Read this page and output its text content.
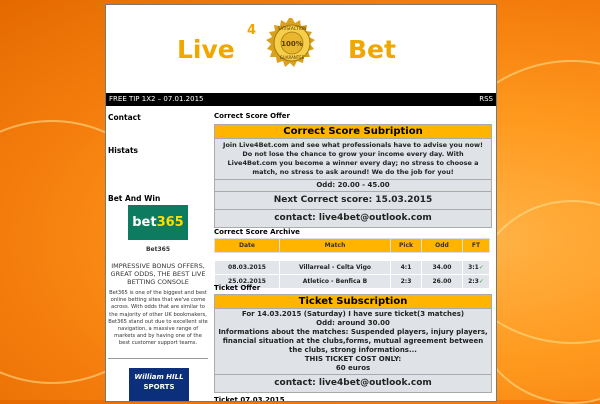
Live
4
100%
SATISFACTION
GUARANTEE Bet
FREE TIP 1X2 – 07.01.2015	RSS
Contact
Histats
Bet And Win
bet365
Bet365
IMPRESSIVE BONUS OFFERS, GREAT ODDS, THE BEST LIVE BETTING CONSOLE
Bet365 is one of the biggest and best online betting sites that we've come across. With odds that are similar to the majority of other UK bookmakers, Bet365 stand out due to excellent site navigation, a massive range of markets and by having one of the best customer support teams.
William HILL
SPORTS
Correct Score Offer
Correct Score Subription
Join Live4Bet.com and see what professionals have to advise you now! Do not lose the chance to grow your income every day. With Live4Bet.com you become a winner every day; no stress to choose a match, no stress to ask around! We do the job for you!
Odd: 20.00 - 45.00
Next Correct score: 15.03.2015
contact: live4bet@outlook.com
Correct Score Archive
Date	Match	Pick	Odd	FT

08.03.2015	Villarreal - Celta Vigo	4:1	34.00	3:1✓
25.02.2015	Atletico - Benfica B	2:3	26.00	2:3✓
Ticket Offer
Ticket Subscription
For 14.03.2015 (Saturday) I have sure ticket(3 matches)
Odd: around 30.00
Informations about the matches: Suspended players, injury players, financial situation at the clubs,forms, mutual agreement between the clubs, strong informations...
THIS TICKET COST ONLY:
60 euros
contact: live4bet@outlook.com
Ticket 07.03.2015
